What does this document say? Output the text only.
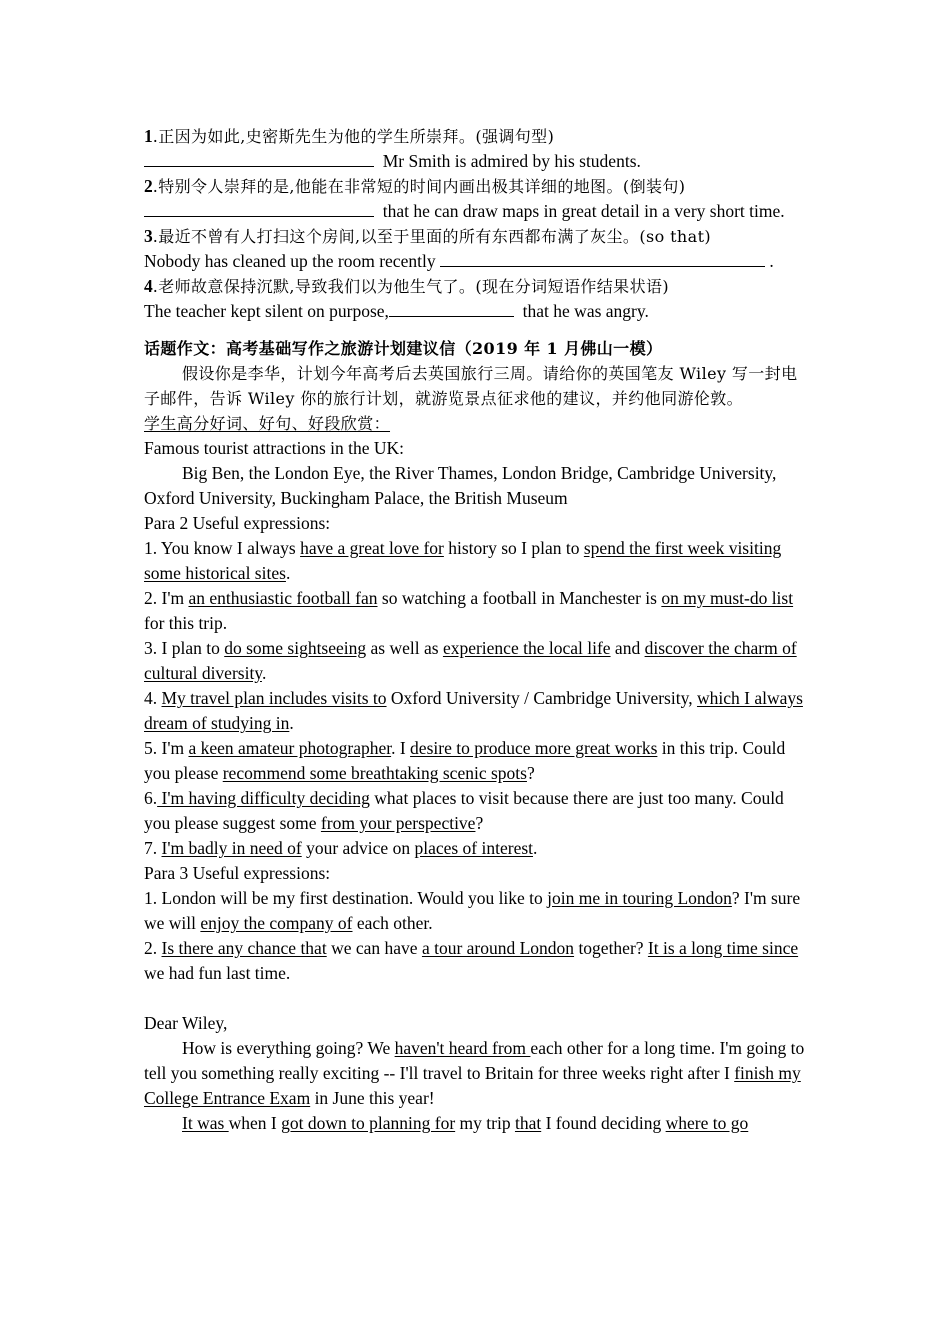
1.正因为如此,史密斯先生为他的学生所崇拜。(强调句型)

Mr Smith is admired by his students.

2.特别令人崇拜的是,他能在非常短的时间内画出极其详细的地图。(倒装句)

that he can draw maps in great detail in a very short time.

3.最近不曾有人打扫这个房间,以至于里面的所有东西都布满了灰尘。(so that)

Nobody has cleaned up the room recently	.

4.老师故意保持沉默,导致我们以为他生气了。(现在分词短语作结果状语)

The teacher kept silent on purpose,	that he was angry.

话题作文：高考基础写作之旅游计划建议信（2019 年 1 月佛山一模）

假设你是李华，计划今年高考后去英国旅行三周。请给你的英国笔友 Wiley 写一封电子邮件，告诉 Wiley 你的旅行计划，就游览景点征求他的建议，并约他同游伦敦。

学生高分好词、好句、好段欣赏：

Famous tourist attractions in the UK:

Big Ben, the London Eye, the River Thames, London Bridge, Cambridge University, Oxford University, Buckingham Palace, the British Museum

Para 2 Useful expressions:

1. You know I always have a great love for history so I plan to spend the first week visiting some historical sites.

2. I'm an enthusiastic football fan so watching a football in Manchester is on my must-do list for this trip.

3. I plan to do some sightseeing as well as experience the local life and discover the charm of cultural diversity.

4. My travel plan includes visits to Oxford University / Cambridge University, which I always dream of studying in.

5. I'm a keen amateur photographer. I desire to produce more great works in this trip. Could you please recommend some breathtaking scenic spots?

6. I'm having difficulty deciding what places to visit because there are just too many. Could you please suggest some from your perspective?

7. I'm badly in need of your advice on places of interest.

Para 3 Useful expressions:

1. London will be my first destination. Would you like to join me in touring London? I'm sure we will enjoy the company of each other.

2. Is there any chance that we can have a tour around London together? It is a long time since we had fun last time.

Dear Wiley,

How is everything going? We haven't heard from each other for a long time. I'm going to tell you something really exciting -- I'll travel to Britain for three weeks right after I finish my College Entrance Exam in June this year!

It was when I got down to planning for my trip that I found deciding where to go
